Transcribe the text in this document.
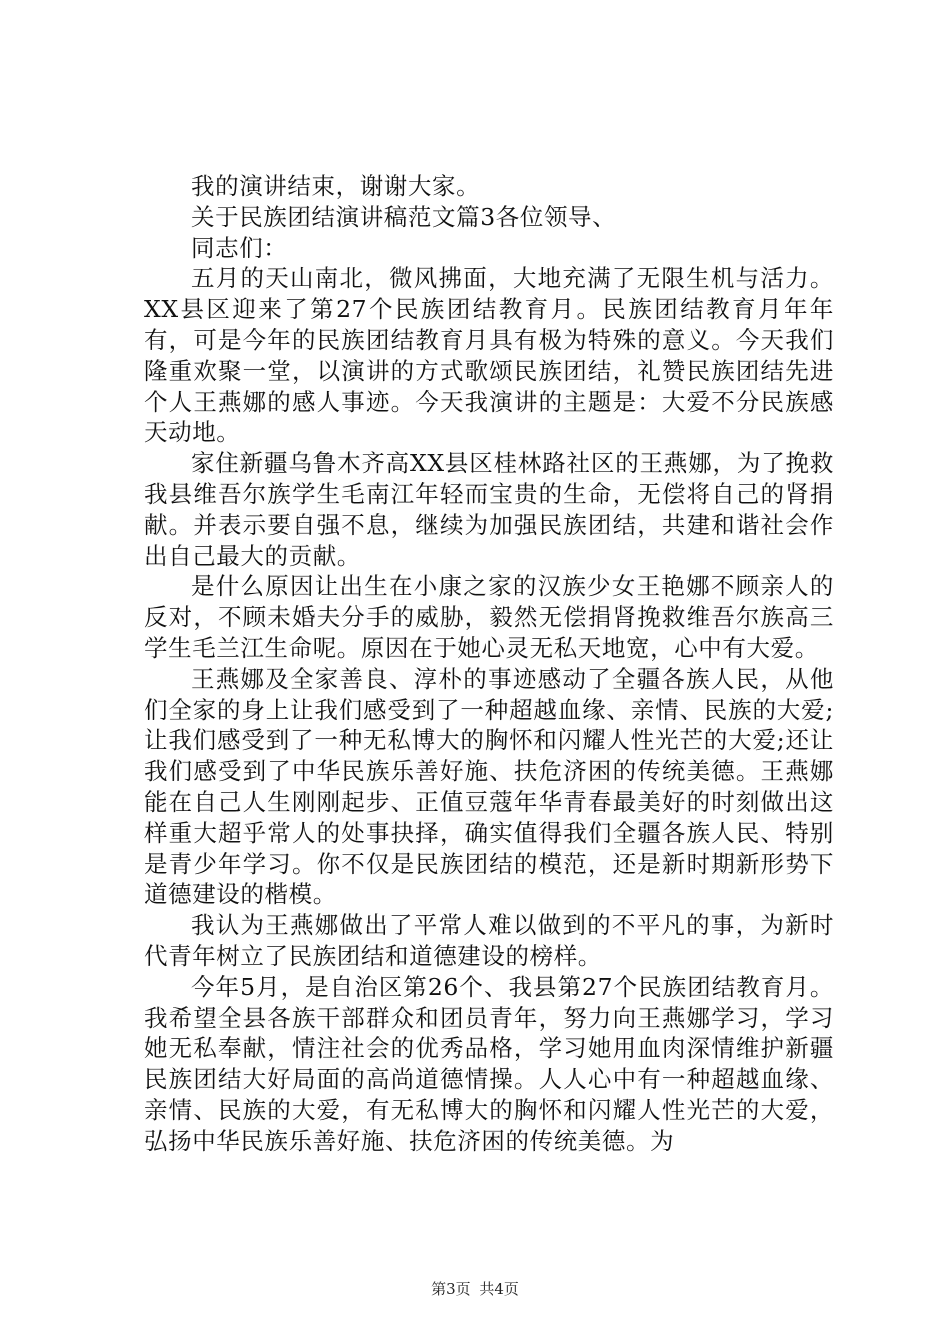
我的演讲结束，谢谢大家。

关于民族团结演讲稿范文篇3各位领导、

同志们：

五月的天山南北，微风拂面，大地充满了无限生机与活力。XX县区迎来了第27个民族团结教育月。民族团结教育月年年有，可是今年的民族团结教育月具有极为特殊的意义。今天我们隆重欢聚一堂，以演讲的方式歌颂民族团结，礼赞民族团结先进个人王燕娜的感人事迹。今天我演讲的主题是：大爱不分民族感天动地。

家住新疆乌鲁木齐高XX县区桂林路社区的王燕娜，为了挽救我县维吾尔族学生毛南江年轻而宝贵的生命，无偿将自己的肾捐献。并表示要自强不息，继续为加强民族团结，共建和谐社会作出自己最大的贡献。

是什么原因让出生在小康之家的汉族少女王艳娜不顾亲人的反对，不顾未婚夫分手的威胁，毅然无偿捐肾挽救维吾尔族高三学生毛兰江生命呢。原因在于她心灵无私天地宽，心中有大爱。

王燕娜及全家善良、淳朴的事迹感动了全疆各族人民，从他们全家的身上让我们感受到了一种超越血缘、亲情、民族的大爱;让我们感受到了一种无私博大的胸怀和闪耀人性光芒的大爱;还让我们感受到了中华民族乐善好施、扶危济困的传统美德。王燕娜能在自己人生刚刚起步、正值豆蔻年华青春最美好的时刻做出这样重大超乎常人的处事抉择，确实值得我们全疆各族人民、特别是青少年学习。你不仅是民族团结的模范，还是新时期新形势下道德建设的楷模。

我认为王燕娜做出了平常人难以做到的不平凡的事，为新时代青年树立了民族团结和道德建设的榜样。

今年5月，是自治区第26个、我县第27个民族团结教育月。我希望全县各族干部群众和团员青年，努力向王燕娜学习，学习她无私奉献，情注社会的优秀品格，学习她用血肉深情维护新疆民族团结大好局面的高尚道德情操。人人心中有一种超越血缘、亲情、民族的大爱，有无私博大的胸怀和闪耀人性光芒的大爱，弘扬中华民族乐善好施、扶危济困的传统美德。为

第3页 共4页
